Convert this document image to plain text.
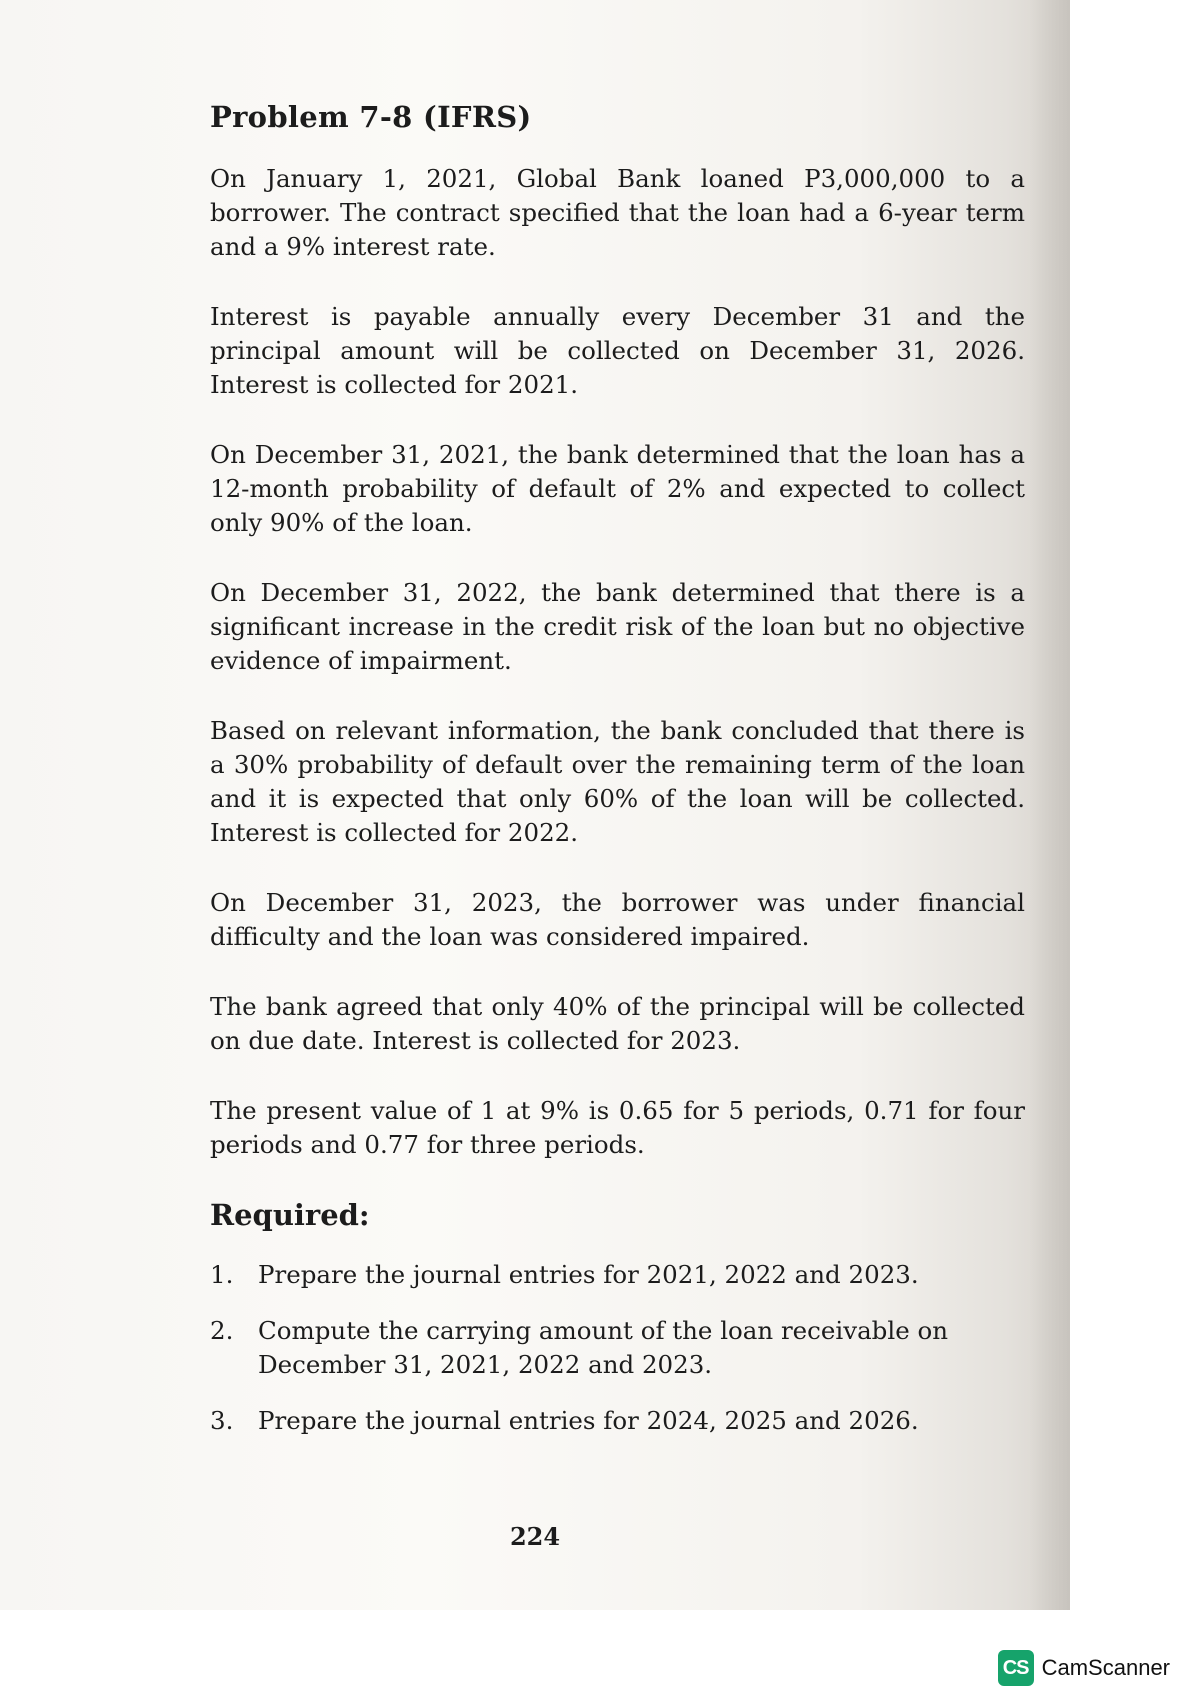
Problem 7-8 (IFRS)

On January 1, 2021, Global Bank loaned P3,000,000 to a borrower. The contract specified that the loan had a 6-year term and a 9% interest rate.

Interest is payable annually every December 31 and the principal amount will be collected on December 31, 2026. Interest is collected for 2021.

On December 31, 2021, the bank determined that the loan has a 12-month probability of default of 2% and expected to collect only 90% of the loan.

On December 31, 2022, the bank determined that there is a significant increase in the credit risk of the loan but no objective evidence of impairment.

Based on relevant information, the bank concluded that there is a 30% probability of default over the remaining term of the loan and it is expected that only 60% of the loan will be collected. Interest is collected for 2022.

On December 31, 2023, the borrower was under financial difficulty and the loan was considered impaired.

The bank agreed that only 40% of the principal will be collected on due date. Interest is collected for 2023.

The present value of 1 at 9% is 0.65 for 5 periods, 0.71 for four periods and 0.77 for three periods.

Required:
1.	Prepare the journal entries for 2021, 2022 and 2023.
2.	Compute the carrying amount of the loan receivable on December 31, 2021, 2022 and 2023.
3.	Prepare the journal entries for 2024, 2025 and 2026.
224
CS CamScanner
